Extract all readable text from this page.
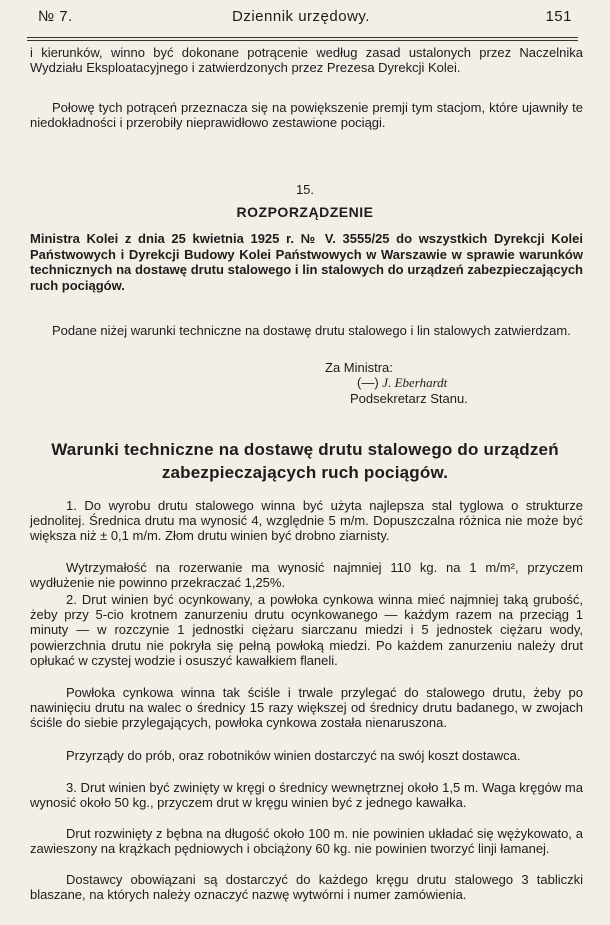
№ 7.	Dziennik urzędowy.	151

i kierunków, winno być dokonane potrącenie według zasad ustalonych przez Naczelnika Wydziału Eksploatacyjnego i zatwierdzonych przez Prezesa Dyrekcji Kolei.

Połowę tych potrąceń przeznacza się na powiększenie premji tym stacjom, które ujawniły te niedokładności i przerobiły nieprawidłowo zestawione pociągi.

15.

ROZPORZĄDZENIE

Ministra Kolei z dnia 25 kwietnia 1925 r. № V. 3555/25 do wszystkich Dyrekcji Kolei Państwowych i Dyrekcji Budowy Kolei Państwowych w Warszawie w sprawie warunków technicznych na dostawę drutu stalowego i lin stalowych do urządzeń zabezpieczających ruch pociągów.

Podane niżej warunki techniczne na dostawę drutu stalowego i lin stalowych zatwierdzam.

Za Ministra:

(—) J. Eberhardt

Podsekretarz Stanu.

Warunki techniczne na dostawę drutu stalowego do urządzeń

zabezpieczających ruch pociągów.

1. Do wyrobu drutu stalowego winna być użyta najlepsza stal tyglowa o strukturze jednolitej. Średnica drutu ma wynosić 4, względnie 5 m/m. Dopuszczalna różnica nie może być większa niż ± 0,1 m/m. Złom drutu winien być drobno ziarnisty.

Wytrzymałość na rozerwanie ma wynosić najmniej 110 kg. na 1 m/m², przyczem wydłużenie nie powinno przekraczać 1,25%.

2. Drut winien być ocynkowany, a powłoka cynkowa winna mieć najmniej taką grubość, żeby przy 5-cio krotnem zanurzeniu drutu ocynkowanego — każdym razem na przeciąg 1 minuty — w rozczynie 1 jednostki ciężaru siarczanu miedzi i 5 jednostek ciężaru wody, powierzchnia drutu nie pokryła się pełną powłoką miedzi. Po każdem zanurzeniu należy drut opłukać w czystej wodzie i osuszyć kawałkiem flaneli.

Powłoka cynkowa winna tak ściśle i trwale przylegać do stalowego drutu, żeby po nawinięciu drutu na walec o średnicy 15 razy większej od średnicy drutu badanego, w zwojach ściśle do siebie przylegających, powłoka cynkowa została nienaruszona.

Przyrządy do prób, oraz robotników winien dostarczyć na swój koszt dostawca.

3. Drut winien być zwinięty w kręgi o średnicy wewnętrznej około 1,5 m. Waga kręgów ma wynosić około 50 kg., przyczem drut w kręgu winien być z jednego kawałka.

Drut rozwinięty z bębna na długość około 100 m. nie powinien układać się wężykowato, a zawieszony na krążkach pędniowych i obciążony 60 kg. nie powinien tworzyć linji łamanej.

Dostawcy obowiązani są dostarczyć do każdego kręgu drutu stalowego 3 tabliczki blaszane, na których należy oznaczyć nazwę wytwórni i numer zamówienia.
